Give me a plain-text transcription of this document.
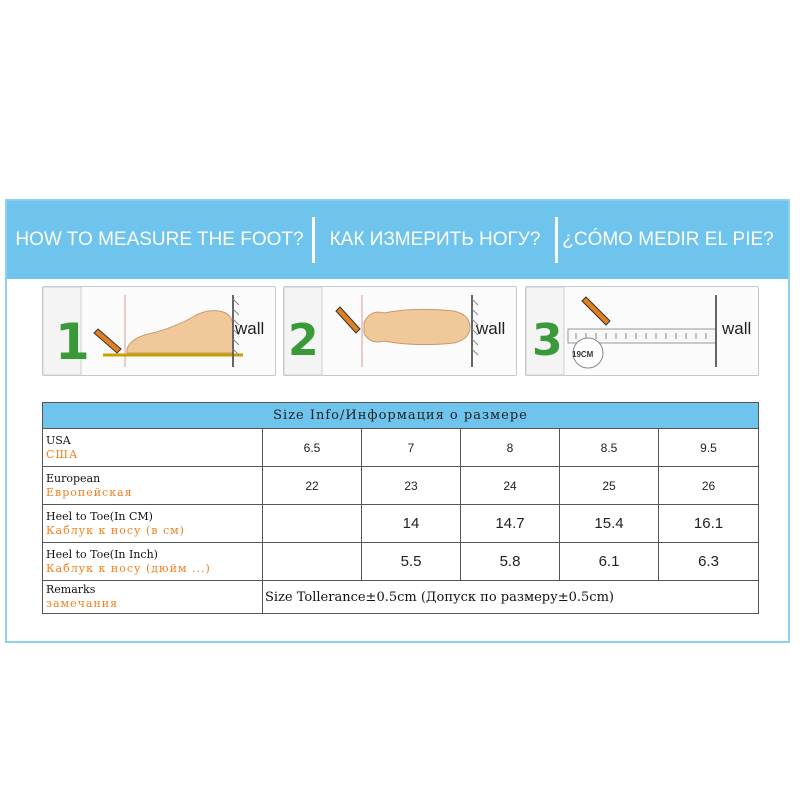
HOW TO MEASURE THE FOOT?	КАК ИЗМЕРИТЬ НОГУ?	¿CÓMO MEDIR EL PIE?
1	wall 2	wall 3 19CM
wall
Size Info/Информация о размере					

USA
США	6.5	7	8	8.5	9.5

European
Европейская	22	23	24	25	26

Heel to Toe(In CM)
Каблук к носу (в см)		14	14.7	15.4	16.1

Heel to Toe(In Inch)
Каблук к носу (дюйм ...)		5.5	5.8	6.1	6.3

Remarks
замечания	Size Tollerance±0.5cm (Допуск по размеру±0.5cm)				
